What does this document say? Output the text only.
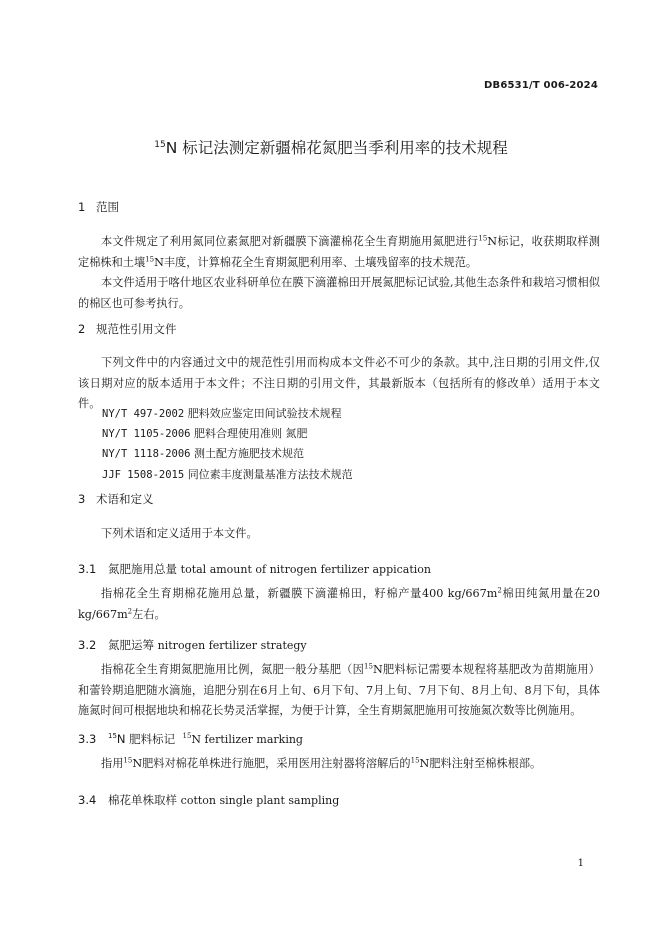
DB6531/T 006-2024
$^{15}$N 标记法测定新疆棉花氮肥当季利用率的技术规程
1 范围
本文件规定了利用氮同位素氮肥对新疆膜下滴灌棉花全生育期施用氮肥进行$^{15}$N标记，收获期取样测定棉株和土壤$^{15}$N丰度，计算棉花全生育期氮肥利用率、土壤残留率的技术规范。
本文件适用于喀什地区农业科研单位在膜下滴灌棉田开展氮肥标记试验,其他生态条件和栽培习惯相似的棉区也可参考执行。
2 规范性引用文件
下列文件中的内容通过文中的规范性引用而构成本文件必不可少的条款。其中,注日期的引用文件,仅该日期对应的版本适用于本文件；不注日期的引用文件，其最新版本（包括所有的修改单）适用于本文件。
NY/T 497-2002 肥料效应鉴定田间试验技术规程
NY/T 1105-2006 肥料合理使用准则 氮肥
NY/T 1118-2006 测土配方施肥技术规范
JJF 1508-2015 同位素丰度测量基准方法技术规范
3 术语和定义
下列术语和定义适用于本文件。
3.1 氮肥施用总量 total amount of nitrogen fertilizer appication
指棉花全生育期棉花施用总量，新疆膜下滴灌棉田，籽棉产量400 $kg/667m^2$棉田纯氮用量在20 $kg/667m^2$左右。
3.2 氮肥运筹 nitrogen fertilizer strategy
指棉花全生育期氮肥施用比例，氮肥一般分基肥（因$^{15}$N肥料标记需要本规程将基肥改为苗期施用）和蕾铃期追肥随水滴施，追肥分别在6月上旬、6月下旬、7月上旬、7月下旬、8月上旬、8月下旬，具体施氮时间可根据地块和棉花长势灵活掌握，为便于计算，全生育期氮肥施用可按施氮次数等比例施用。
3.3 $^{15}$N 肥料标记 $^{15}$N fertilizer marking
指用$^{15}$N肥料对棉花单株进行施肥，采用医用注射器将溶解后的$^{15}$N肥料注射至棉株根部。
3.4 棉花单株取样 cotton single plant sampling
1
